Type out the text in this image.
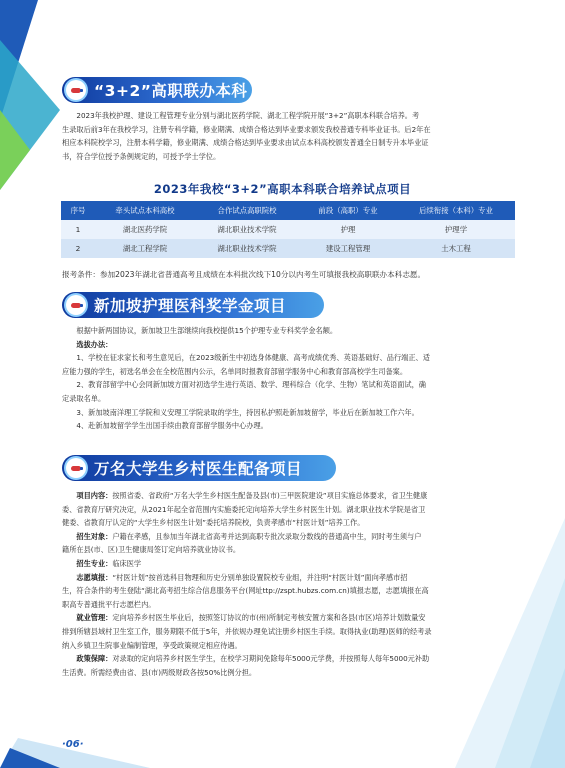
“3+2”高职联办本科
2023年我校护理、建设工程管理专业分别与湖北医药学院、湖北工程学院开展“3+2”高职本科联合培养。考
生录取后前3年在我校学习，注册专科学籍，修业期满、成绩合格达到毕业要求颁发我校普通专科毕业证书。后2年在
相应本科院校学习，注册本科学籍，修业期满、成绩合格达到毕业要求由试点本科高校颁发普通全日制专升本毕业证
书，符合学位授予条例规定的，可授予学士学位。
2023年我校“3+2”高职本科联合培养试点项目
序号	牵头试点本科高校	合作试点高职院校	前段（高职）专业	后续衔接（本科）专业
1	湖北医药学院	湖北职业技术学院	护理	护理学
2	湖北工程学院	湖北职业技术学院	建设工程管理	土木工程
报考条件：参加2023年湖北省普通高考且成绩在本科批次线下10分以内考生可填报我校高职联办本科志愿。
新加坡护理医科奖学金项目
根据中新两国协议，新加坡卫生部继续向我校提供15个护理专业专科奖学金名额。
选拔办法：
1、学校在征求家长和考生意见后，在2023级新生中初选身体健康、高考成绩优秀、英语基础好、品行端正、适
应能力强的学生，初选名单会在全校范围内公示，名单同时报教育部留学服务中心和教育部高校学生司备案。
2、教育部留学中心会同新加坡方面对初选学生进行英语、数学、理科综合（化学、生物）笔试和英语面试，确
定录取名单。
3、新加坡南洋理工学院和义安理工学院录取的学生，持因私护照赴新加坡留学，毕业后在新加坡工作六年。
4、赴新加坡留学学生出国手续由教育部留学服务中心办理。
万名大学生乡村医生配备项目
项目内容：按照省委、省政府“万名大学生乡村医生配备及县(市)三甲医院建设”项目实施总体要求，省卫生健康
委、省教育厅研究决定，从2021年起全省范围内实施委托定向培养大学生乡村医生计划。湖北职业技术学院是省卫
健委、省教育厅认定的“大学生乡村医生计划”委托培养院校，负责孝感市“村医计划”培养工作。
招生对象：户籍在孝感，且参加当年湖北省高考并达到高职专批次录取分数线的普通高中生，同时考生须与户
籍所在县(市、区)卫生健康局签订定向培养就业协议书。
招生专业：临床医学
志愿填报：“村医计划”按首选科目物理和历史分别单独设置院校专业组，并注明“村医计划”面向孝感市招
生，符合条件的考生登陆“湖北高考招生综合信息服务平台(网址ttp://zspt.hubzs.com.cn)填报志愿，志愿填报在高
职高专普通批平行志愿栏内。
就业管理：定向培养乡村医生毕业后，按照签订协议的市(州)所制定考核安置方案和各县(市区)培养计划数量安
排到所辖县域村卫生室工作，服务期限不低于5年，并依规办理免试注册乡村医生手续。取得执业(助理)医师的经考录
纳入乡镇卫生院事业编制管理，享受政策规定相应待遇。
政策保障：对录取的定向培养乡村医生学生，在校学习期间免除每年5000元学费，并按照每人每年5000元补助
生活费。所需经费由省、县(市)两级财政各按50%比例分担。
·06·
